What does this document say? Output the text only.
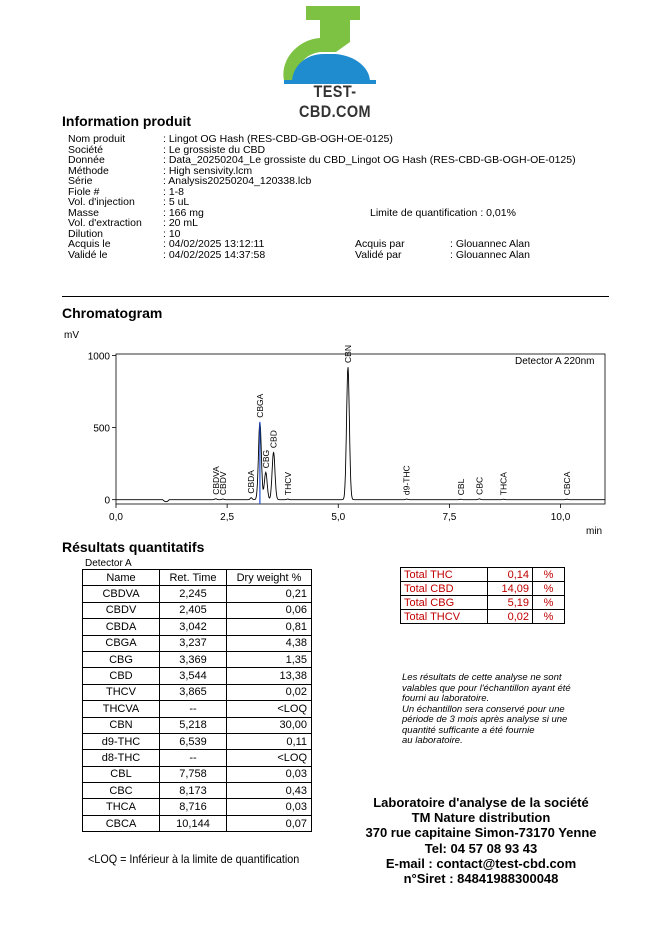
TEST-CBD.COM
Information produit
Nom produit	: Lingot OG Hash (RES-CBD-GB-OGH-OE-0125)
Société	: Le grossiste du CBD
Donnée	: Data_20250204_Le grossiste du CBD_Lingot OG Hash (RES-CBD-GB-OGH-OE-0125)
Méthode	: High sensivity.lcm
Série	: Analysis20250204_120338.lcb
Fiole #	: 1-8
Vol. d'injection	: 5 uL
Masse	: 166 mg	Limite de quantification : 0,01%
Vol. d'extraction : 20 mL
Dilution	: 10
Acquis le	: 04/02/2025 13:12:11	Acquis par	: Glouannec Alan
Validé le	: 04/02/2025 14:37:58	Validé par	: Glouannec Alan
Chromatogram
mV
min
Detector A 220nm
1000
500
0
0,0	2,5	5,0	7,5	10,0
CBDVA
CBDV CBDA
CBGA
CBG
CBD
THCV
CBN
d9-THC	CBL CBC THCA	CBCA
Résultats quantitatifs
Detector A
Name	Ret. Time	Dry weight %
CBDVA	2,245	0,21
CBDV	2,405	0,06
CBDA	3,042	0,81
CBGA	3,237	4,38
CBG	3,369	1,35
CBD	3,544	13,38
THCV	3,865	0,02
THCVA	--	<LOQ
CBN	5,218	30,00
d9-THC	6,539	0,11
d8-THC	--	<LOQ
CBL	7,758	0,03
CBC	8,173	0,43
THCA	8,716	0,03
CBCA	10,144	0,07
<LOQ = Inférieur à la limite de quantification
Total THC	0,14	%
Total CBD	14,09	%
Total CBG	5,19	%
Total THCV	0,02	%
Les résultats de cette analyse ne sont
valables que pour l'échantillon ayant été
fourni au laboratoire.
Un échantillon sera conservé pour une
période de 3 mois après analyse si une
quantité sufficante a été fournie
au laboratoire.
Laboratoire d'analyse de la société
TM Nature distribution
370 rue capitaine Simon-73170 Yenne
Tel: 04 57 08 93 43
E-mail : contact@test-cbd.com
n°Siret : 84841988300048
